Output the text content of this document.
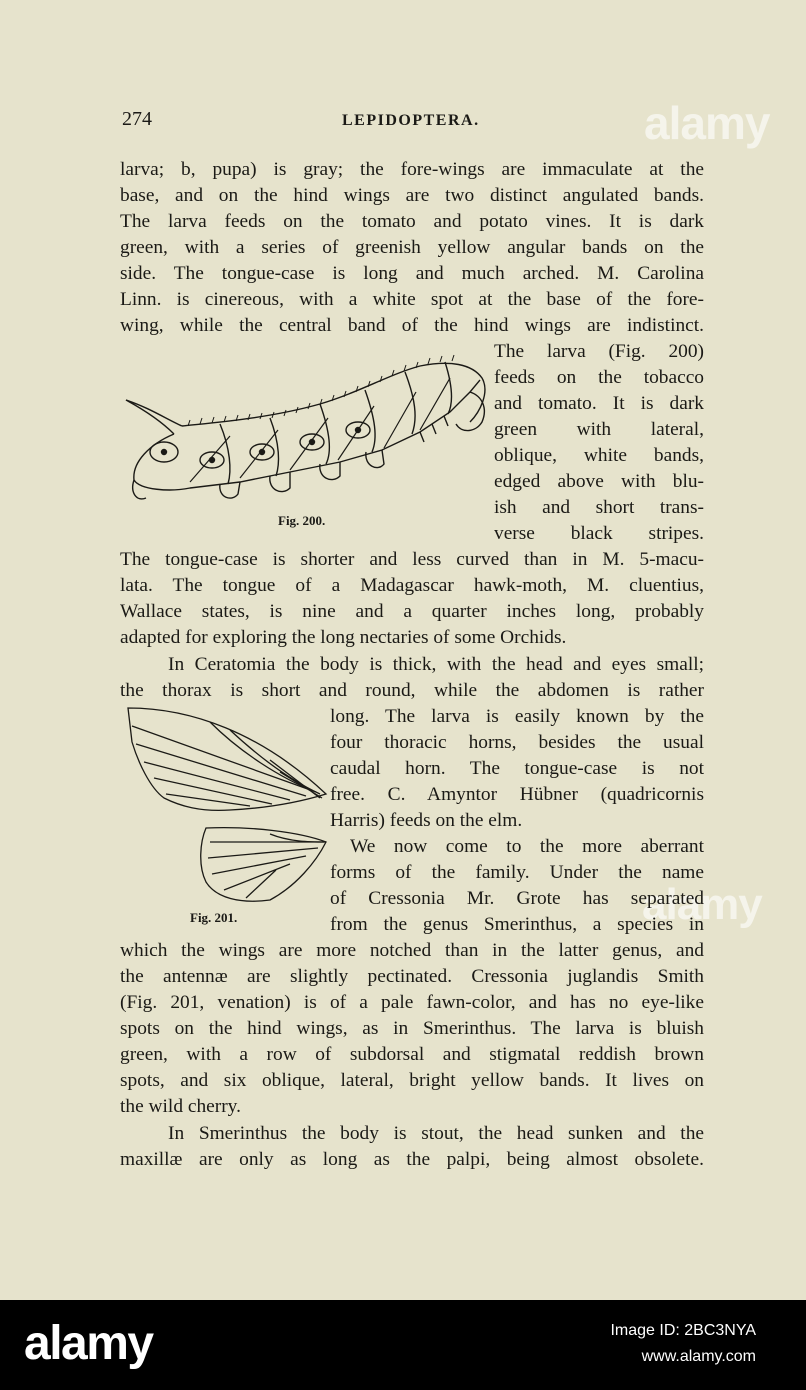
alamy
alamy
274	LEPIDOPTERA.
larva; b, pupa) is gray; the fore-wings are immaculate at the
base, and on the hind wings are two distinct angulated bands.
The larva feeds on the tomato and potato vines. It is dark
green, with a series of greenish yellow angular bands on the
side. The tongue-case is long and much arched. M. Carolina
Linn. is cinereous, with a white spot at the base of the fore-
wing, while the central band of the hind wings are indistinct.
The larva (Fig. 200)
feeds on the tobacco
and tomato. It is dark
green with lateral,
oblique, white bands,
edged above with blu-
ish and short trans-
verse black stripes.
Fig. 200.
The tongue-case is shorter and less curved than in M. 5-macu-
lata. The tongue of a Madagascar hawk-moth, M. cluentius,
Wallace states, is nine and a quarter inches long, probably
adapted for exploring the long nectaries of some Orchids.
In Ceratomia the body is thick, with the head and eyes small;
the thorax is short and round, while the abdomen is rather
long. The larva is easily known by the
four thoracic horns, besides the usual
caudal horn. The tongue-case is not
free. C. Amyntor Hübner (quadricornis
Harris) feeds on the elm.
We now come to the more aberrant
forms of the family. Under the name
of Cressonia Mr. Grote has separated
from the genus Smerinthus, a species in
Fig. 201.
which the wings are more notched than in the latter genus, and
the antennæ are slightly pectinated. Cressonia juglandis Smith
(Fig. 201, venation) is of a pale fawn-color, and has no eye-like
spots on the hind wings, as in Smerinthus. The larva is bluish
green, with a row of subdorsal and stigmatal reddish brown
spots, and six oblique, lateral, bright yellow bands. It lives on
the wild cherry.
In Smerinthus the body is stout, the head sunken and the
maxillæ are only as long as the palpi, being almost obsolete.
alamy	Image ID: 2BC3NYA
www.alamy.com
